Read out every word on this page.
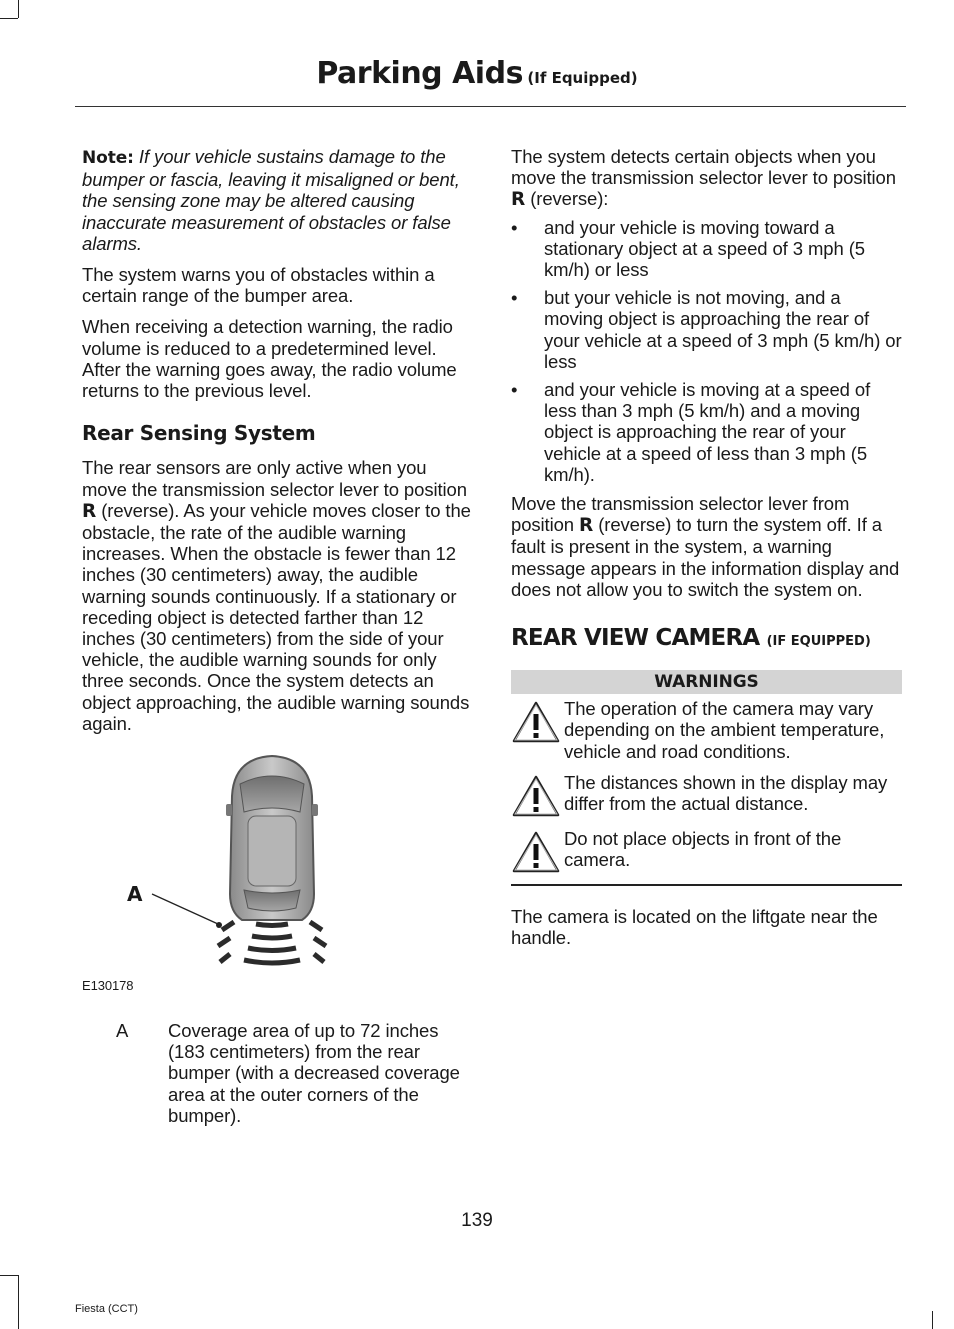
Parking Aids (If Equipped)

Note: If your vehicle sustains damage to the bumper or fascia, leaving it misaligned or bent, the sensing zone may be altered causing inaccurate measurement of obstacles or false alarms.

The system warns you of obstacles within a certain range of the bumper area.

When receiving a detection warning, the radio volume is reduced to a predetermined level. After the warning goes away, the radio volume returns to the previous level.

Rear Sensing System

The rear sensors are only active when you move the transmission selector lever to position R (reverse). As your vehicle moves closer to the obstacle, the rate of the audible warning increases. When the obstacle is fewer than 12 inches (30 centimeters) away, the audible warning sounds continuously. If a stationary or receding object is detected farther than 12 inches (30 centimeters) from the side of your vehicle, the audible warning sounds for only three seconds. Once the system detects an object approaching, the audible warning sounds again.

A
E130178
A	Coverage area of up to 72 inches (183 centimeters) from the rear bumper (with a decreased coverage area at the outer corners of the bumper).

The system detects certain objects when you move the transmission selector lever to position R (reverse):

• and your vehicle is moving toward a stationary object at a speed of 3 mph (5 km/h) or less
• but your vehicle is not moving, and a moving object is approaching the rear of your vehicle at a speed of 3 mph (5 km/h) or less
• and your vehicle is moving at a speed of less than 3 mph (5 km/h) and a moving object is approaching the rear of your vehicle at a speed of less than 3 mph (5 km/h).

Move the transmission selector lever from position R (reverse) to turn the system off. If a fault is present in the system, a warning message appears in the information display and does not allow you to switch the system on.

REAR VIEW CAMERA (IF EQUIPPED)
WARNINGS
The operation of the camera may vary depending on the ambient temperature, vehicle and road conditions.
The distances shown in the display may differ from the actual distance.
Do not place objects in front of the camera.

The camera is located on the liftgate near the handle.

139
Fiesta (CCT)
